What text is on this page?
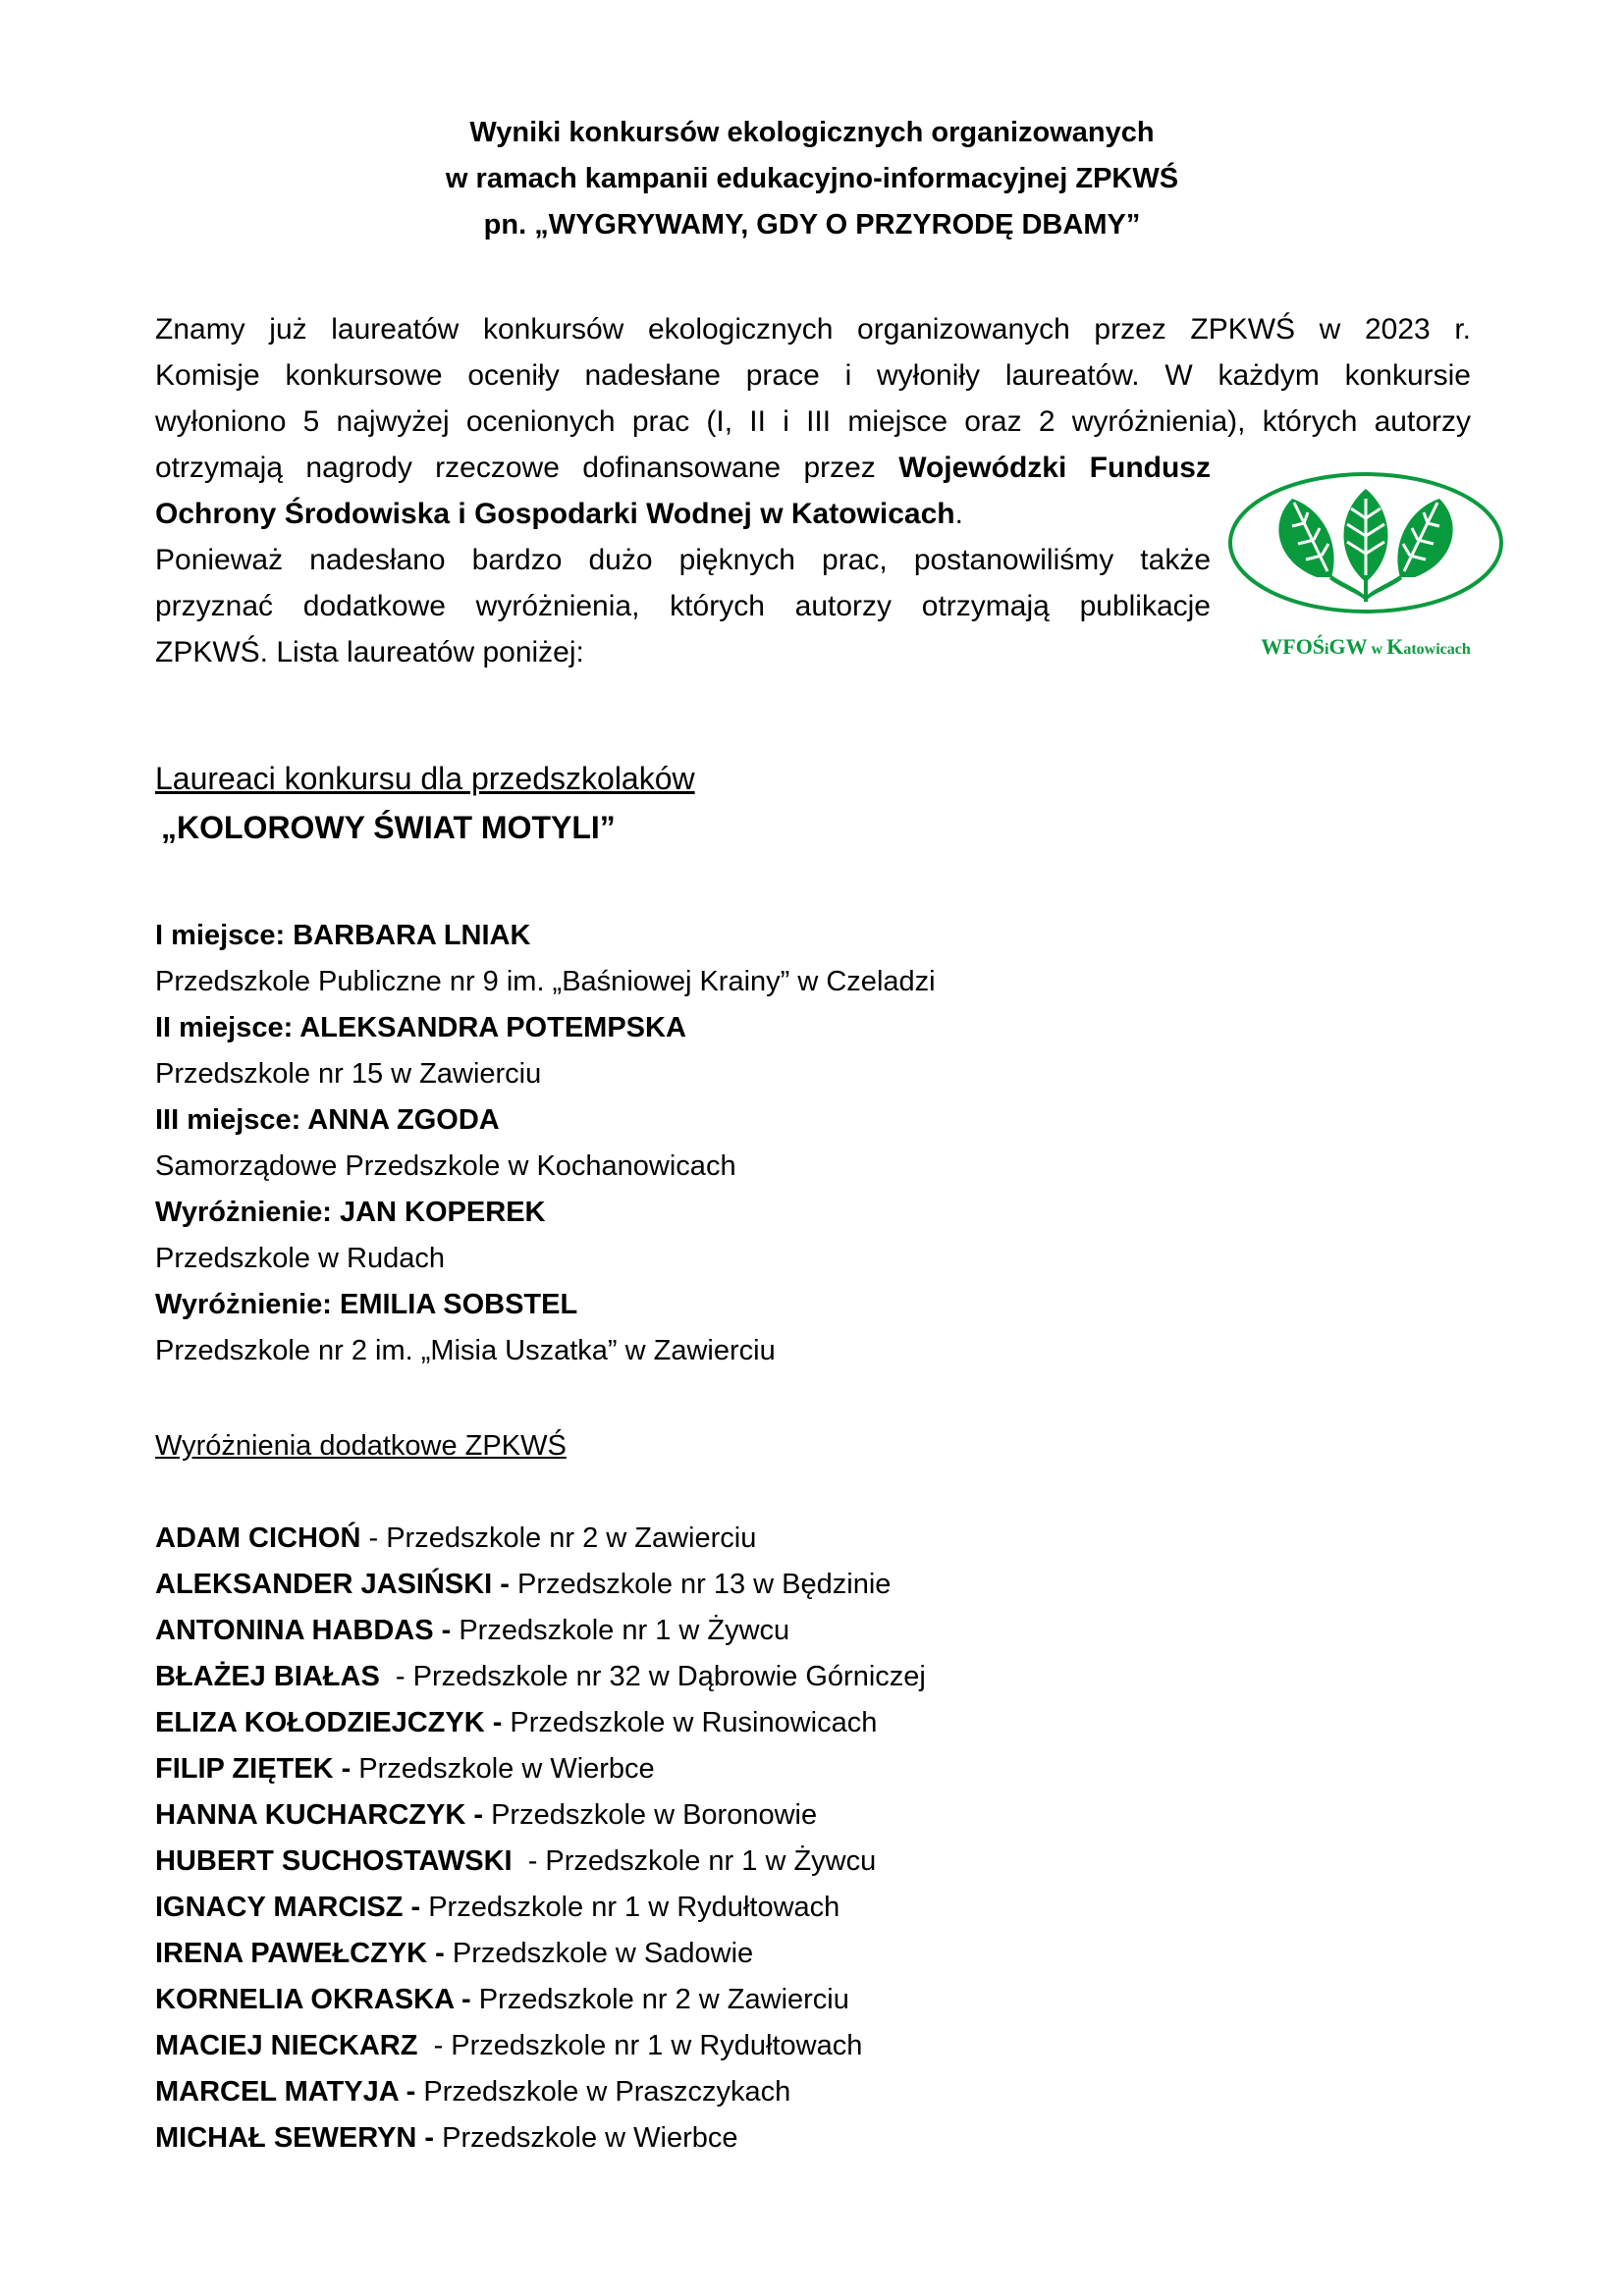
Wyniki konkursów ekologicznych organizowanych
w ramach kampanii edukacyjno-informacyjnej ZPKWŚ
pn. „WYGRYWAMY, GDY O PRZYRODĘ DBAMY”
Znamy już laureatów konkursów ekologicznych organizowanych przez ZPKWŚ w 2023 r.
Komisje konkursowe oceniły nadesłane prace i wyłoniły laureatów. W każdym konkursie
wyłoniono 5 najwyżej ocenionych prac (I, II i III miejsce oraz 2 wyróżnienia), których autorzy
otrzymają nagrody rzeczowe dofinansowane przez Wojewódzki Fundusz
Ochrony Środowiska i Gospodarki Wodnej w Katowicach.
Ponieważ nadesłano bardzo dużo pięknych prac, postanowiliśmy także
przyznać dodatkowe wyróżnienia, których autorzy otrzymają publikacje
ZPKWŚ. Lista laureatów poniżej:	WFOŚiGW w Katowicach
Laureaci konkursu dla przedszkolaków
„KOLOROWY ŚWIAT MOTYLI”
I miejsce: BARBARA LNIAK
Przedszkole Publiczne nr 9 im. „Baśniowej Krainy” w Czeladzi
II miejsce: ALEKSANDRA POTEMPSKA
Przedszkole nr 15 w Zawierciu
III miejsce: ANNA ZGODA
Samorządowe Przedszkole w Kochanowicach
Wyróżnienie: JAN KOPEREK
Przedszkole w Rudach
Wyróżnienie: EMILIA SOBSTEL
Przedszkole nr 2 im. „Misia Uszatka” w Zawierciu
Wyróżnienia dodatkowe ZPKWŚ
ADAM CICHOŃ - Przedszkole nr 2 w Zawierciu
ALEKSANDER JASIŃSKI - Przedszkole nr 13 w Będzinie
ANTONINA HABDAS - Przedszkole nr 1 w Żywcu
BŁAŻEJ BIAŁAS  - Przedszkole nr 32 w Dąbrowie Górniczej
ELIZA KOŁODZIEJCZYK - Przedszkole w Rusinowicach
FILIP ZIĘTEK - Przedszkole w Wierbce
HANNA KUCHARCZYK - Przedszkole w Boronowie
HUBERT SUCHOSTAWSKI  - Przedszkole nr 1 w Żywcu
IGNACY MARCISZ - Przedszkole nr 1 w Rydułtowach
IRENA PAWEŁCZYK - Przedszkole w Sadowie
KORNELIA OKRASKA - Przedszkole nr 2 w Zawierciu
MACIEJ NIECKARZ  - Przedszkole nr 1 w Rydułtowach
MARCEL MATYJA - Przedszkole w Praszczykach
MICHAŁ SEWERYN - Przedszkole w Wierbce
